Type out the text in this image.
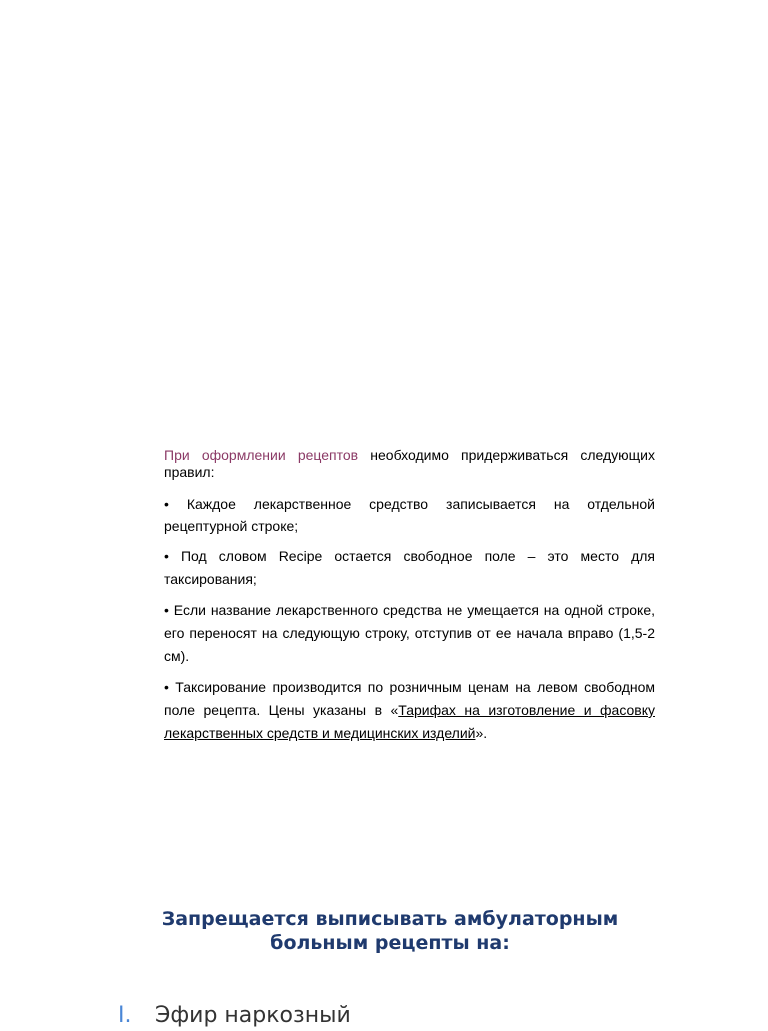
При оформлении рецептов необходимо придерживаться следующих правил:

• Каждое лекарственное средство записывается на отдельной рецептурной строке;

• Под словом Recipe остается свободное поле – это место для таксирования;

• Если название лекарственного средства не умещается на одной строке, его переносят на следующую строку, отступив от ее начала вправо (1,5-2 см).

• Таксирование производится по розничным ценам на левом свободном поле рецепта. Цены указаны в «Тарифах на изготовление и фасовку лекарственных средств и медицинских изделий».

Запрещается выписывать амбулаторным
больным рецепты на:
I. Эфир наркозный
